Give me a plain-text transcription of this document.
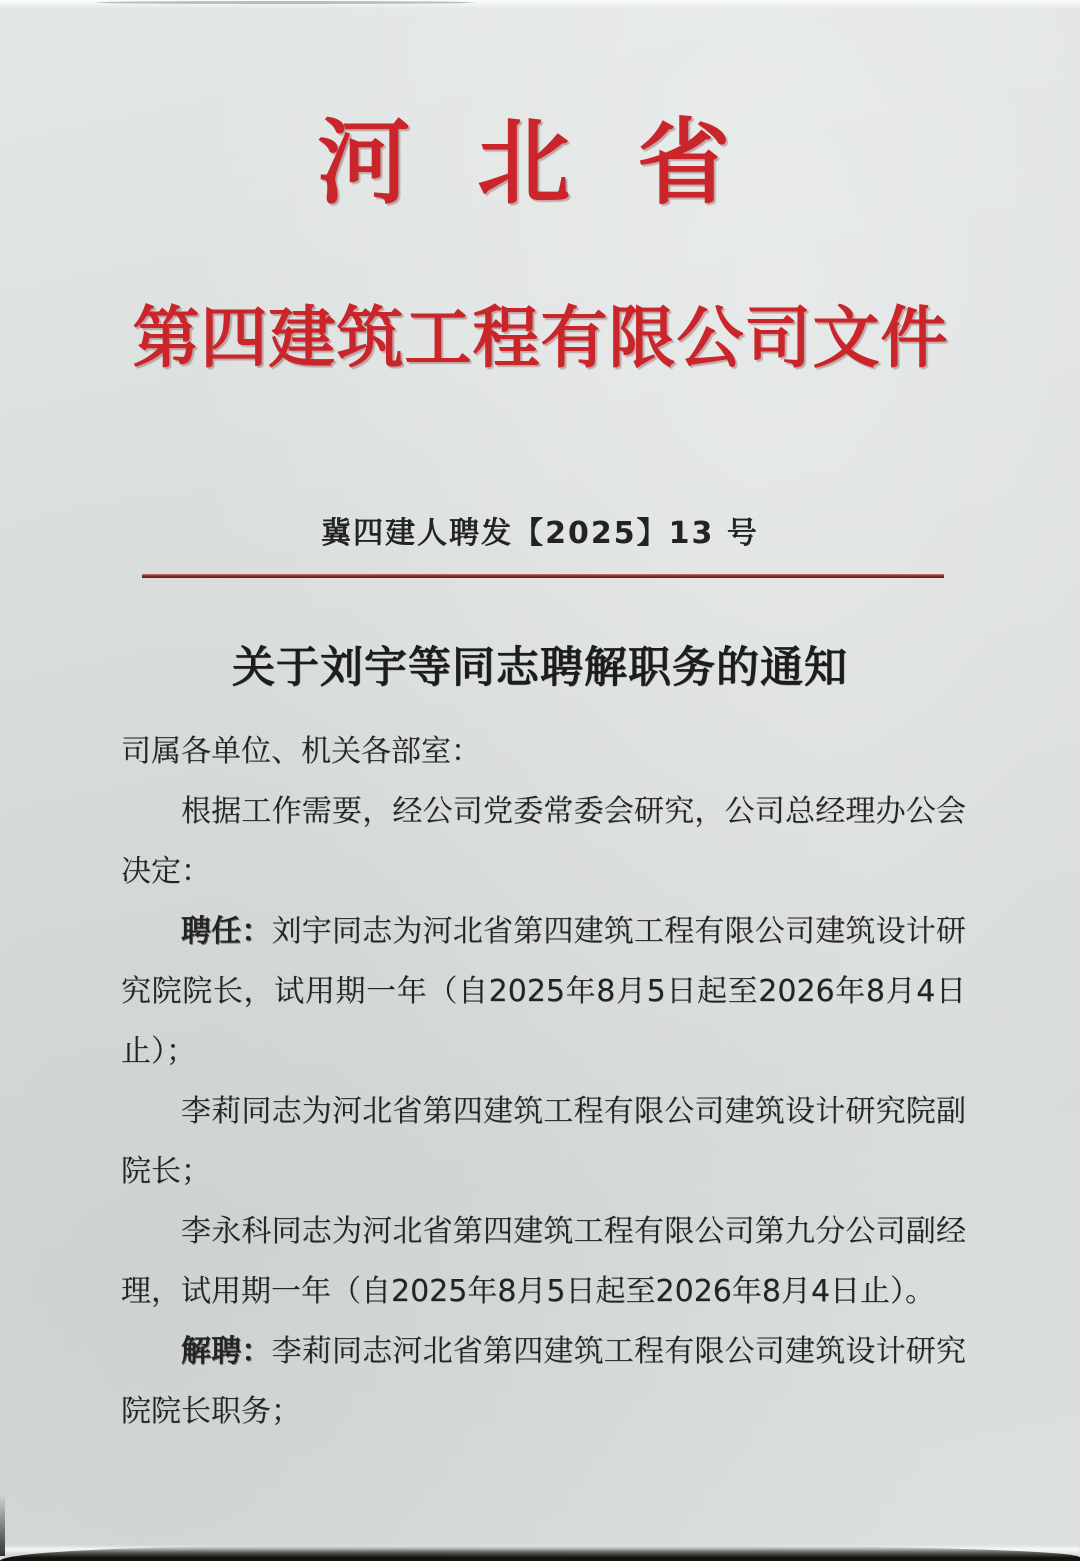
河北省
第四建筑工程有限公司文件
冀四建人聘发【2025】13 号
关于刘宇等同志聘解职务的通知

司属各单位、机关各部室：

根据工作需要，经公司党委常委会研究，公司总经理办公会决定：

聘任：刘宇同志为河北省第四建筑工程有限公司建筑设计研究院院长，试用期一年（自2025年8月5日起至2026年8月4日止）；

李莉同志为河北省第四建筑工程有限公司建筑设计研究院副院长；

李永科同志为河北省第四建筑工程有限公司第九分公司副经理，试用期一年（自2025年8月5日起至2026年8月4日止）。

解聘：李莉同志河北省第四建筑工程有限公司建筑设计研究院院长职务；
